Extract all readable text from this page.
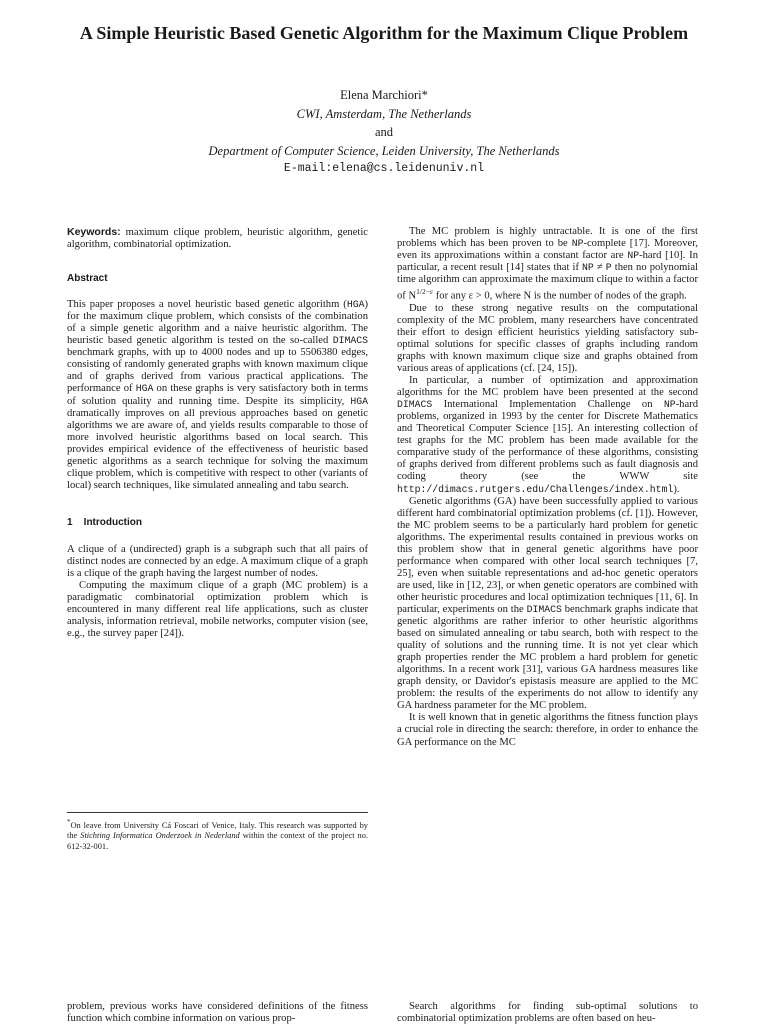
A Simple Heuristic Based Genetic Algorithm for the Maximum Clique Problem
Elena Marchiori*
CWI, Amsterdam, The Netherlands
and
Department of Computer Science, Leiden University, The Netherlands
E-mail:elena@cs.leidenuniv.nl

Keywords: maximum clique problem, heuristic algorithm, genetic algorithm, combinatorial optimization.

Abstract

This paper proposes a novel heuristic based genetic algorithm (HGA) for the maximum clique problem, which consists of the combination of a simple genetic algorithm and a naive heuristic algorithm. The heuristic based genetic algorithm is tested on the so-called DIMACS benchmark graphs, with up to 4000 nodes and up to 5506380 edges, consisting of randomly generated graphs with known maximum clique and of graphs derived from various practical applications. The performance of HGA on these graphs is very satisfactory both in terms of solution quality and running time. Despite its simplicity, HGA dramatically improves on all previous approaches based on genetic algorithms we are aware of, and yields results comparable to those of more involved heuristic algorithms based on local search. This provides empirical evidence of the effectiveness of heuristic based genetic algorithms as a search technique for solving the maximum clique problem, which is competitive with respect to other (variants of local) search techniques, like simulated annealing and tabu search.

1    Introduction

A clique of a (undirected) graph is a subgraph such that all pairs of distinct nodes are connected by an edge. A maximum clique of a graph is a clique of the graph having the largest number of nodes.

Computing the maximum clique of a graph (MC problem) is a paradigmatic combinatorial optimization problem which is encountered in many different real life applications, such as cluster analysis, information retrieval, mobile networks, computer vision (see, e.g., the survey paper [24]).

*On leave from University Cá Foscari of Venice, Italy. This research was supported by the Stichting Informatica Onderzoek in Nederland within the context of the project no. 612-32-001.

The MC problem is highly untractable. It is one of the first problems which has been proven to be NP-complete [17]. Moreover, even its approximations within a constant factor are NP-hard [10]. In particular, a recent result [14] states that if NP ≠ P then no polynomial time algorithm can approximate the maximum clique to within a factor of $N^{1/2-\varepsilon}$ for any ε > 0, where N is the number of nodes of the graph.

Due to these strong negative results on the computational complexity of the MC problem, many researchers have concentrated their effort to design efficient heuristics yielding satisfactory sub-optimal solutions for specific classes of graphs including random graphs with known maximum clique size and graphs obtained from various areas of applications (cf. [24, 15]).

In particular, a number of optimization and approximation algorithms for the MC problem have been presented at the second DIMACS International Implementation Challenge on NP-hard problems, organized in 1993 by the center for Discrete Mathematics and Theoretical Computer Science [15]. An interesting collection of test graphs for the MC problem has been made available for the comparative study of the performance of these algorithms, consisting of graphs derived from different problems such as fault diagnosis and coding theory (see the WWW site http://dimacs.rutgers.edu/Challenges/index.html).

Genetic algorithms (GA) have been successfully applied to various different hard combinatorial optimization problems (cf. [1]). However, the MC problem seems to be a particularly hard problem for genetic algorithms. The experimental results contained in previous works on this problem show that in general genetic algorithms have poor performance when compared with other local search techniques [7, 25], even when suitable representations and ad-hoc genetic operators are used, like in [12, 23], or when genetic operators are combined with other heuristic procedures and local optimization techniques [11, 6]. In particular, experiments on the DIMACS benchmark graphs indicate that genetic algorithms are rather inferior to other heuristic algorithms based on simulated annealing or tabu search, both with respect to the quality of solutions and the running time. It is not yet clear which graph properties render the MC problem a hard problem for genetic algorithms. In a recent work [31], various GA hardness measures like graph density, or Davidor's epistasis measure are applied to the MC problem: the results of the experiments do not allow to identify any GA hardness parameter for the MC problem.

It is well known that in genetic algorithms the fitness function plays a crucial role in directing the search: therefore, in order to enhance the GA performance on the MC

problem, previous works have considered definitions of the fitness function which combine information on various prop-
Search algorithms for finding sub-optimal solutions to combinatorial optimization problems are often based on heu-
